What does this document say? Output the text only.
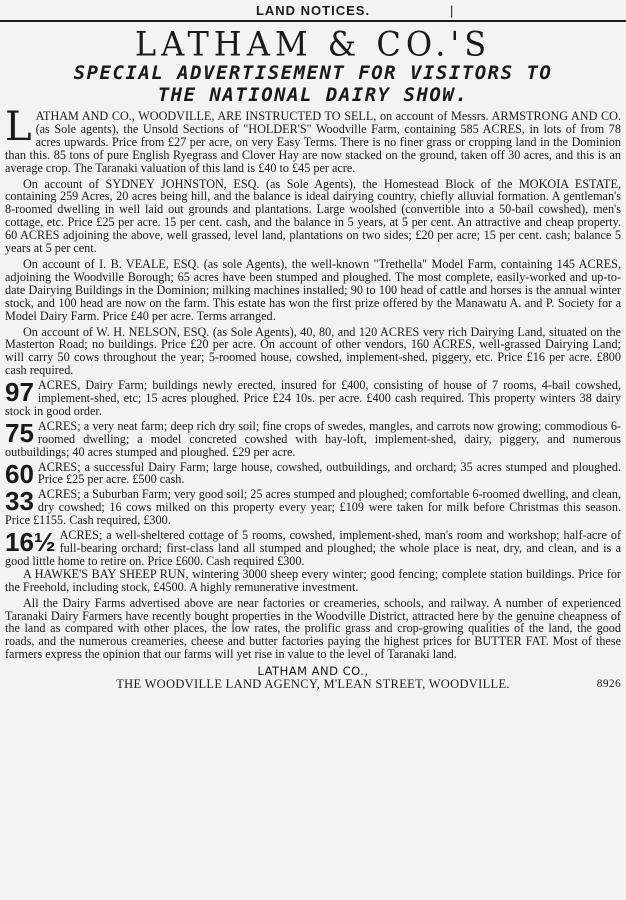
LAND NOTICES.	|
LATHAM & CO.'S
SPECIAL ADVERTISEMENT FOR VISITORS TO
THE NATIONAL DAIRY SHOW.

LATHAM AND CO., WOODVILLE, ARE INSTRUCTED TO SELL, on account of Messrs. ARMSTRONG AND CO. (as Sole agents), the Unsold Sections of "HOLDER'S" Woodville Farm, containing 585 ACRES, in lots of from 78 acres upwards. Price from £27 per acre, on very Easy Terms. There is no finer grass or cropping land in the Dominion than this. 85 tons of pure English Ryegrass and Clover Hay are now stacked on the ground, taken off 30 acres, and this is an average crop. The Taranaki valuation of this land is £40 to £45 per acre.

On account of SYDNEY JOHNSTON, ESQ. (as Sole Agents), the Homestead Block of the MOKOIA ESTATE, containing 259 Acres, 20 acres being hill, and the balance is ideal dairying country, chiefly alluvial formation. A gentleman's 8-roomed dwelling in well laid out grounds and plantations. Large woolshed (convertible into a 50-bail cowshed), men's cottage, etc. Price £25 per acre. 15 per cent. cash, and the balance in 5 years, at 5 per cent. An attractive and cheap property. 60 ACRES adjoining the above, well grassed, level land, plantations on two sides; £20 per acre; 15 per cent. cash; balance 5 years at 5 per cent.

On account of I. B. VEALE, ESQ. (as sole Agents), the well-known "Trethella" Model Farm, containing 145 ACRES, adjoining the Woodville Borough; 65 acres have been stumped and ploughed. The most complete, easily-worked and up-to-date Dairying Buildings in the Dominion; milking machines installed; 90 to 100 head of cattle and horses is the annual winter stock, and 100 head are now on the farm. This estate has won the first prize offered by the Manawatu A. and P. Society for a Model Dairy Farm. Price £40 per acre. Terms arranged.

On account of W. H. NELSON, ESQ. (as Sole Agents), 40, 80, and 120 ACRES very rich Dairying Land, situated on the Masterton Road; no buildings. Price £20 per acre. On account of other vendors, 160 ACRES, well-grassed Dairying Land; will carry 50 cows throughout the year; 5-roomed house, cowshed, implement-shed, piggery, etc. Price £16 per acre. £800 cash required.

97 ACRES, Dairy Farm; buildings newly erected, insured for £400, consisting of house of 7 rooms, 4-bail cowshed, implement-shed, etc; 15 acres ploughed. Price £24 10s. per acre. £400 cash required. This property winters 38 dairy stock in good order.

75 ACRES; a very neat farm; deep rich dry soil; fine crops of swedes, mangles, and carrots now growing; commodious 6-roomed dwelling; a model concreted cowshed with hay-loft, implement-shed, dairy, piggery, and numerous outbuildings; 40 acres stumped and ploughed. £29 per acre.

60 ACRES; a successful Dairy Farm; large house, cowshed, outbuildings, and orchard; 35 acres stumped and ploughed. Price £25 per acre. £500 cash.

33 ACRES; a Suburban Farm; very good soil; 25 acres stumped and ploughed; comfortable 6-roomed dwelling, and clean, dry cowshed; 16 cows milked on this property every year; £109 were taken for milk before Christmas this season. Price £1155. Cash required, £300.

16½ ACRES; a well-sheltered cottage of 5 rooms, cowshed, implement-shed, man's room and workshop; half-acre of full-bearing orchard; first-class land all stumped and ploughed; the whole place is neat, dry, and clean, and is a good little home to retire on. Price £600. Cash required £300.

A HAWKE'S BAY SHEEP RUN, wintering 3000 sheep every winter; good fencing; complete station buildings. Price for the Freehold, including stock, £4500. A highly remunerative investment.

All the Dairy Farms advertised above are near factories or creameries, schools, and railway. A number of experienced Taranaki Dairy Farmers have recently bought properties in the Woodville District, attracted here by the genuine cheapness of the land as compared with other places, the low rates, the prolific grass and crop-growing qualities of the land, the good roads, and the numerous creameries, cheese and butter factories paying the highest prices for BUTTER FAT. Most of these farmers express the opinion that our farms will yet rise in value to the level of Taranaki land.

LATHAM AND CO.,
THE WOODVILLE LAND AGENCY, M'LEAN STREET, WOODVILLE.	8926
